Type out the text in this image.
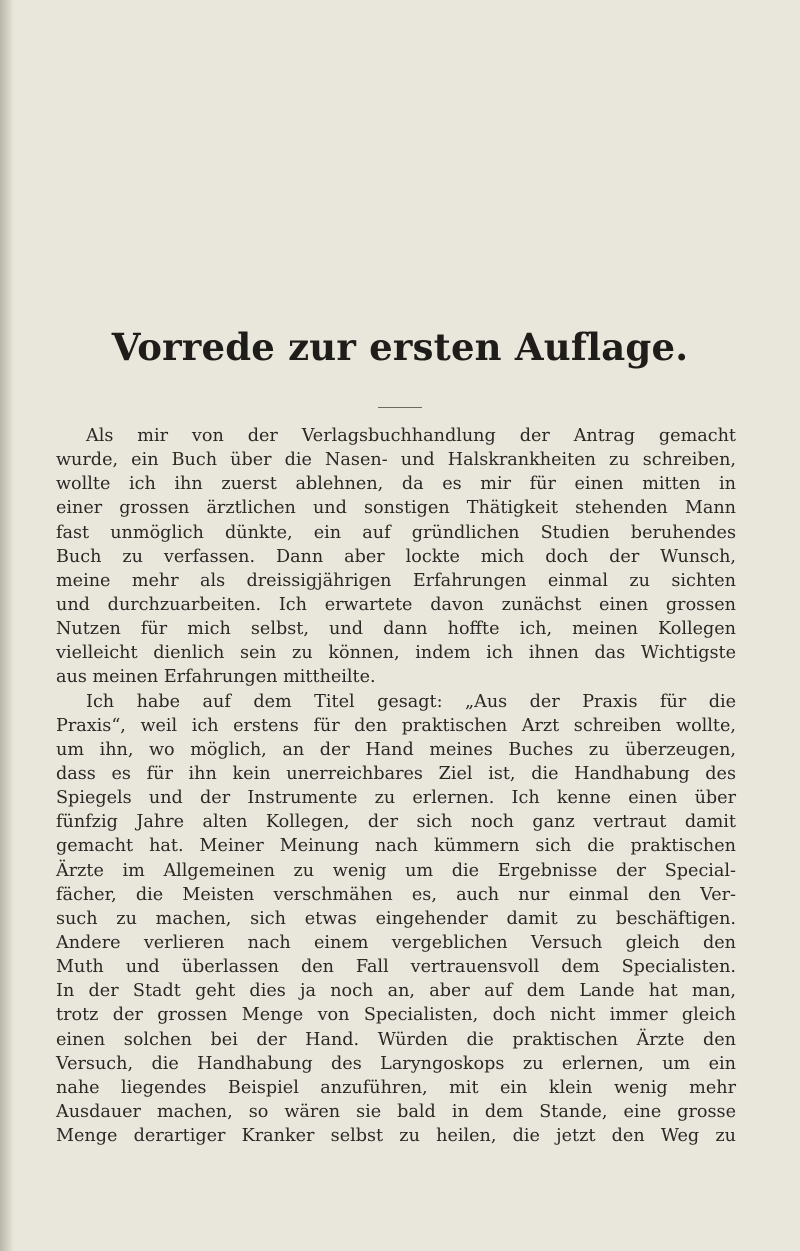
Vorrede zur ersten Auflage.
Als mir von der Verlagsbuchhandlung der Antrag gemacht
wurde, ein Buch über die Nasen- und Halskrankheiten zu schreiben,
wollte ich ihn zuerst ablehnen, da es mir für einen mitten in
einer grossen ärztlichen und sonstigen Thätigkeit stehenden Mann
fast unmöglich dünkte, ein auf gründlichen Studien beruhendes
Buch zu verfassen. Dann aber lockte mich doch der Wunsch,
meine mehr als dreissigjährigen Erfahrungen einmal zu sichten
und durchzuarbeiten. Ich erwartete davon zunächst einen grossen
Nutzen für mich selbst, und dann hoffte ich, meinen Kollegen
vielleicht dienlich sein zu können, indem ich ihnen das Wichtigste
aus meinen Erfahrungen mittheilte.
Ich habe auf dem Titel gesagt: „Aus der Praxis für die
Praxis“, weil ich erstens für den praktischen Arzt schreiben wollte,
um ihn, wo möglich, an der Hand meines Buches zu überzeugen,
dass es für ihn kein unerreichbares Ziel ist, die Handhabung des
Spiegels und der Instrumente zu erlernen. Ich kenne einen über
fünfzig Jahre alten Kollegen, der sich noch ganz vertraut damit
gemacht hat. Meiner Meinung nach kümmern sich die praktischen
Ärzte im Allgemeinen zu wenig um die Ergebnisse der Special-
fächer, die Meisten verschmähen es, auch nur einmal den Ver-
such zu machen, sich etwas eingehender damit zu beschäftigen.
Andere verlieren nach einem vergeblichen Versuch gleich den
Muth und überlassen den Fall vertrauensvoll dem Specialisten.
In der Stadt geht dies ja noch an, aber auf dem Lande hat man,
trotz der grossen Menge von Specialisten, doch nicht immer gleich
einen solchen bei der Hand. Würden die praktischen Ärzte den
Versuch, die Handhabung des Laryngoskops zu erlernen, um ein
nahe liegendes Beispiel anzuführen, mit ein klein wenig mehr
Ausdauer machen, so wären sie bald in dem Stande, eine grosse
Menge derartiger Kranker selbst zu heilen, die jetzt den Weg zu
